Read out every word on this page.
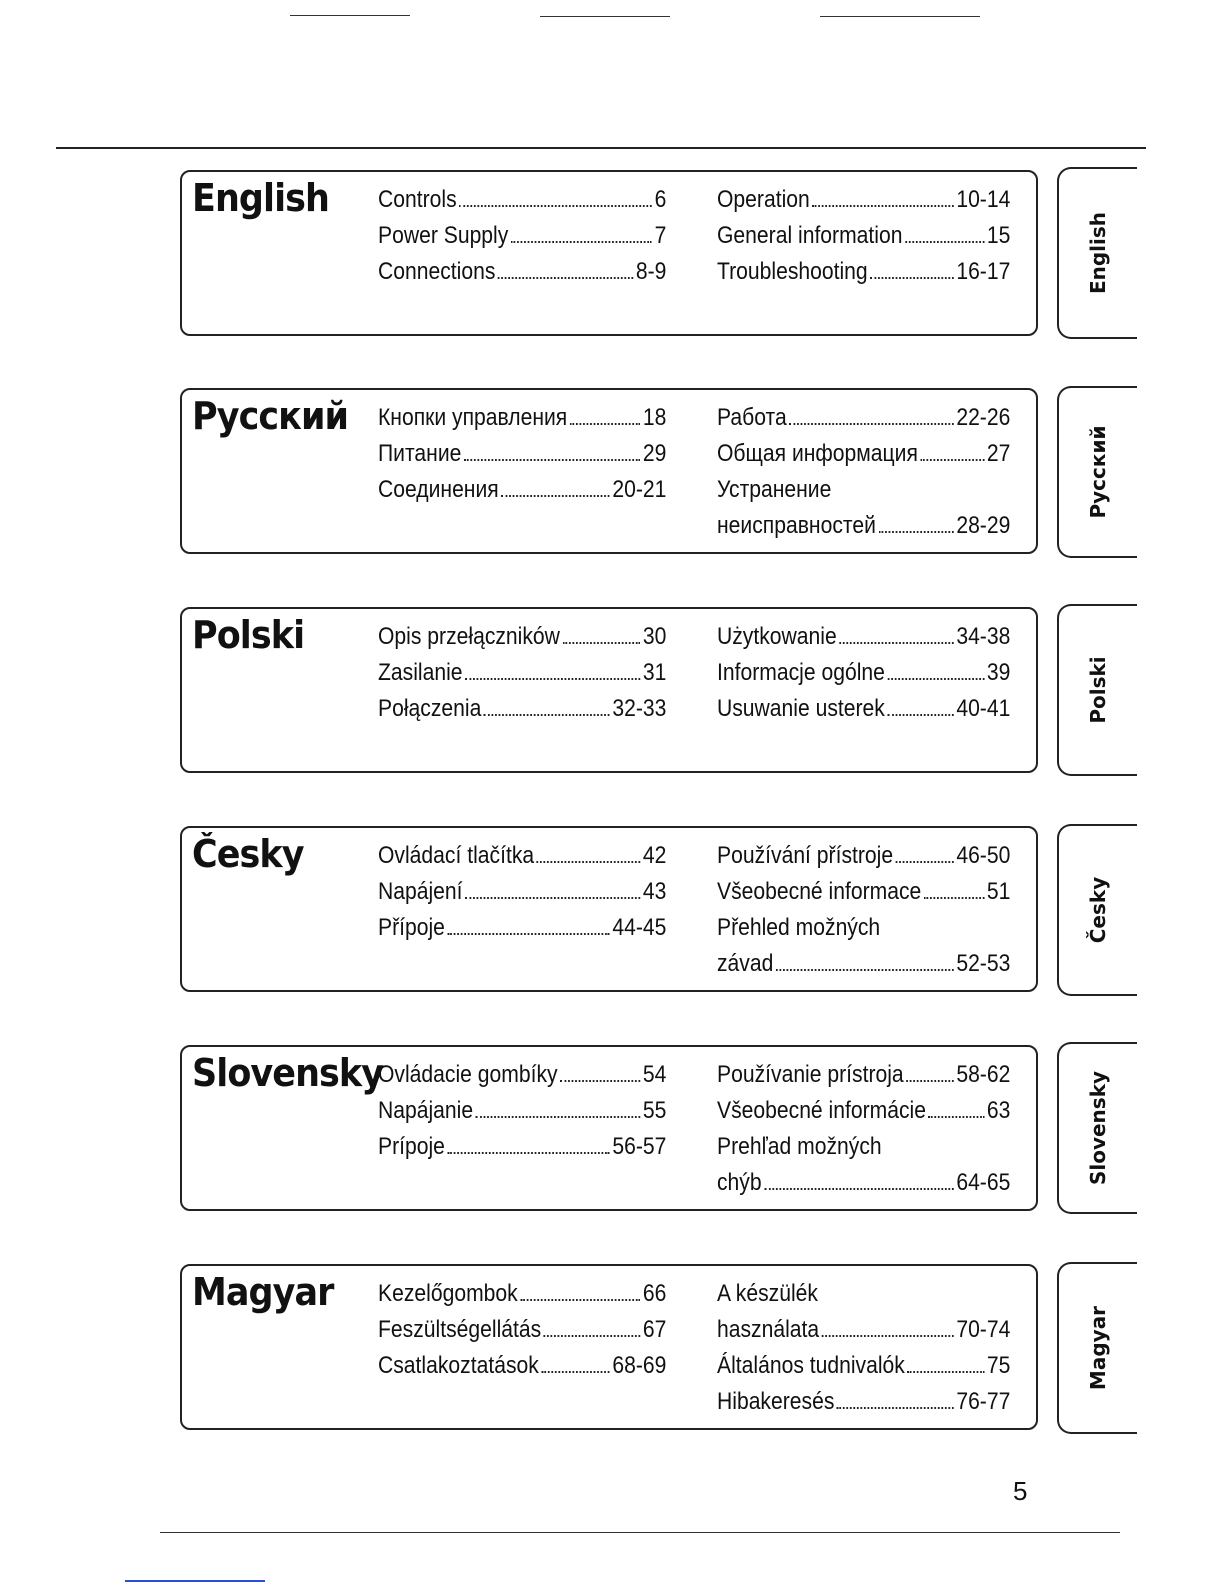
English Controls	6
Power Supply	7
Connections	8-9
Operation	10-14
General information	15
Troubleshooting	16-17	English
Русский Кнопки управления	18
Питание	29
Соединения	20-21
Работа	22-26
Общая информация	27
Устранение
неисправностей	28-29
Русский
Polski	Opis przełączników	30
Zasilanie	31
Połączenia	32-33
Użytkowanie	34-38
Informacje ogólne	39
Usuwanie usterek	40-41	Polski
Česky	Ovládací tlačítka	42
Napájení	43
Přípoje	44-45
Používání přístroje	46-50
Všeobecné informace	51
Přehled možných
závad	52-53
Česky
Slovensky
Ovládacie gombíky	54
Napájanie	55
Prípoje	56-57
Používanie prístroja 58-62
Všeobecné informácie	63
Prehľad možných
chýb	64-65	Slovensky
Magyar Kezelőgombok	66
Feszültségellátás	67
Csatlakoztatások	68-69
A készülék
használata	70-74
Általános tudnivalók	75
Hibakeresés	76-77
Magyar
5
